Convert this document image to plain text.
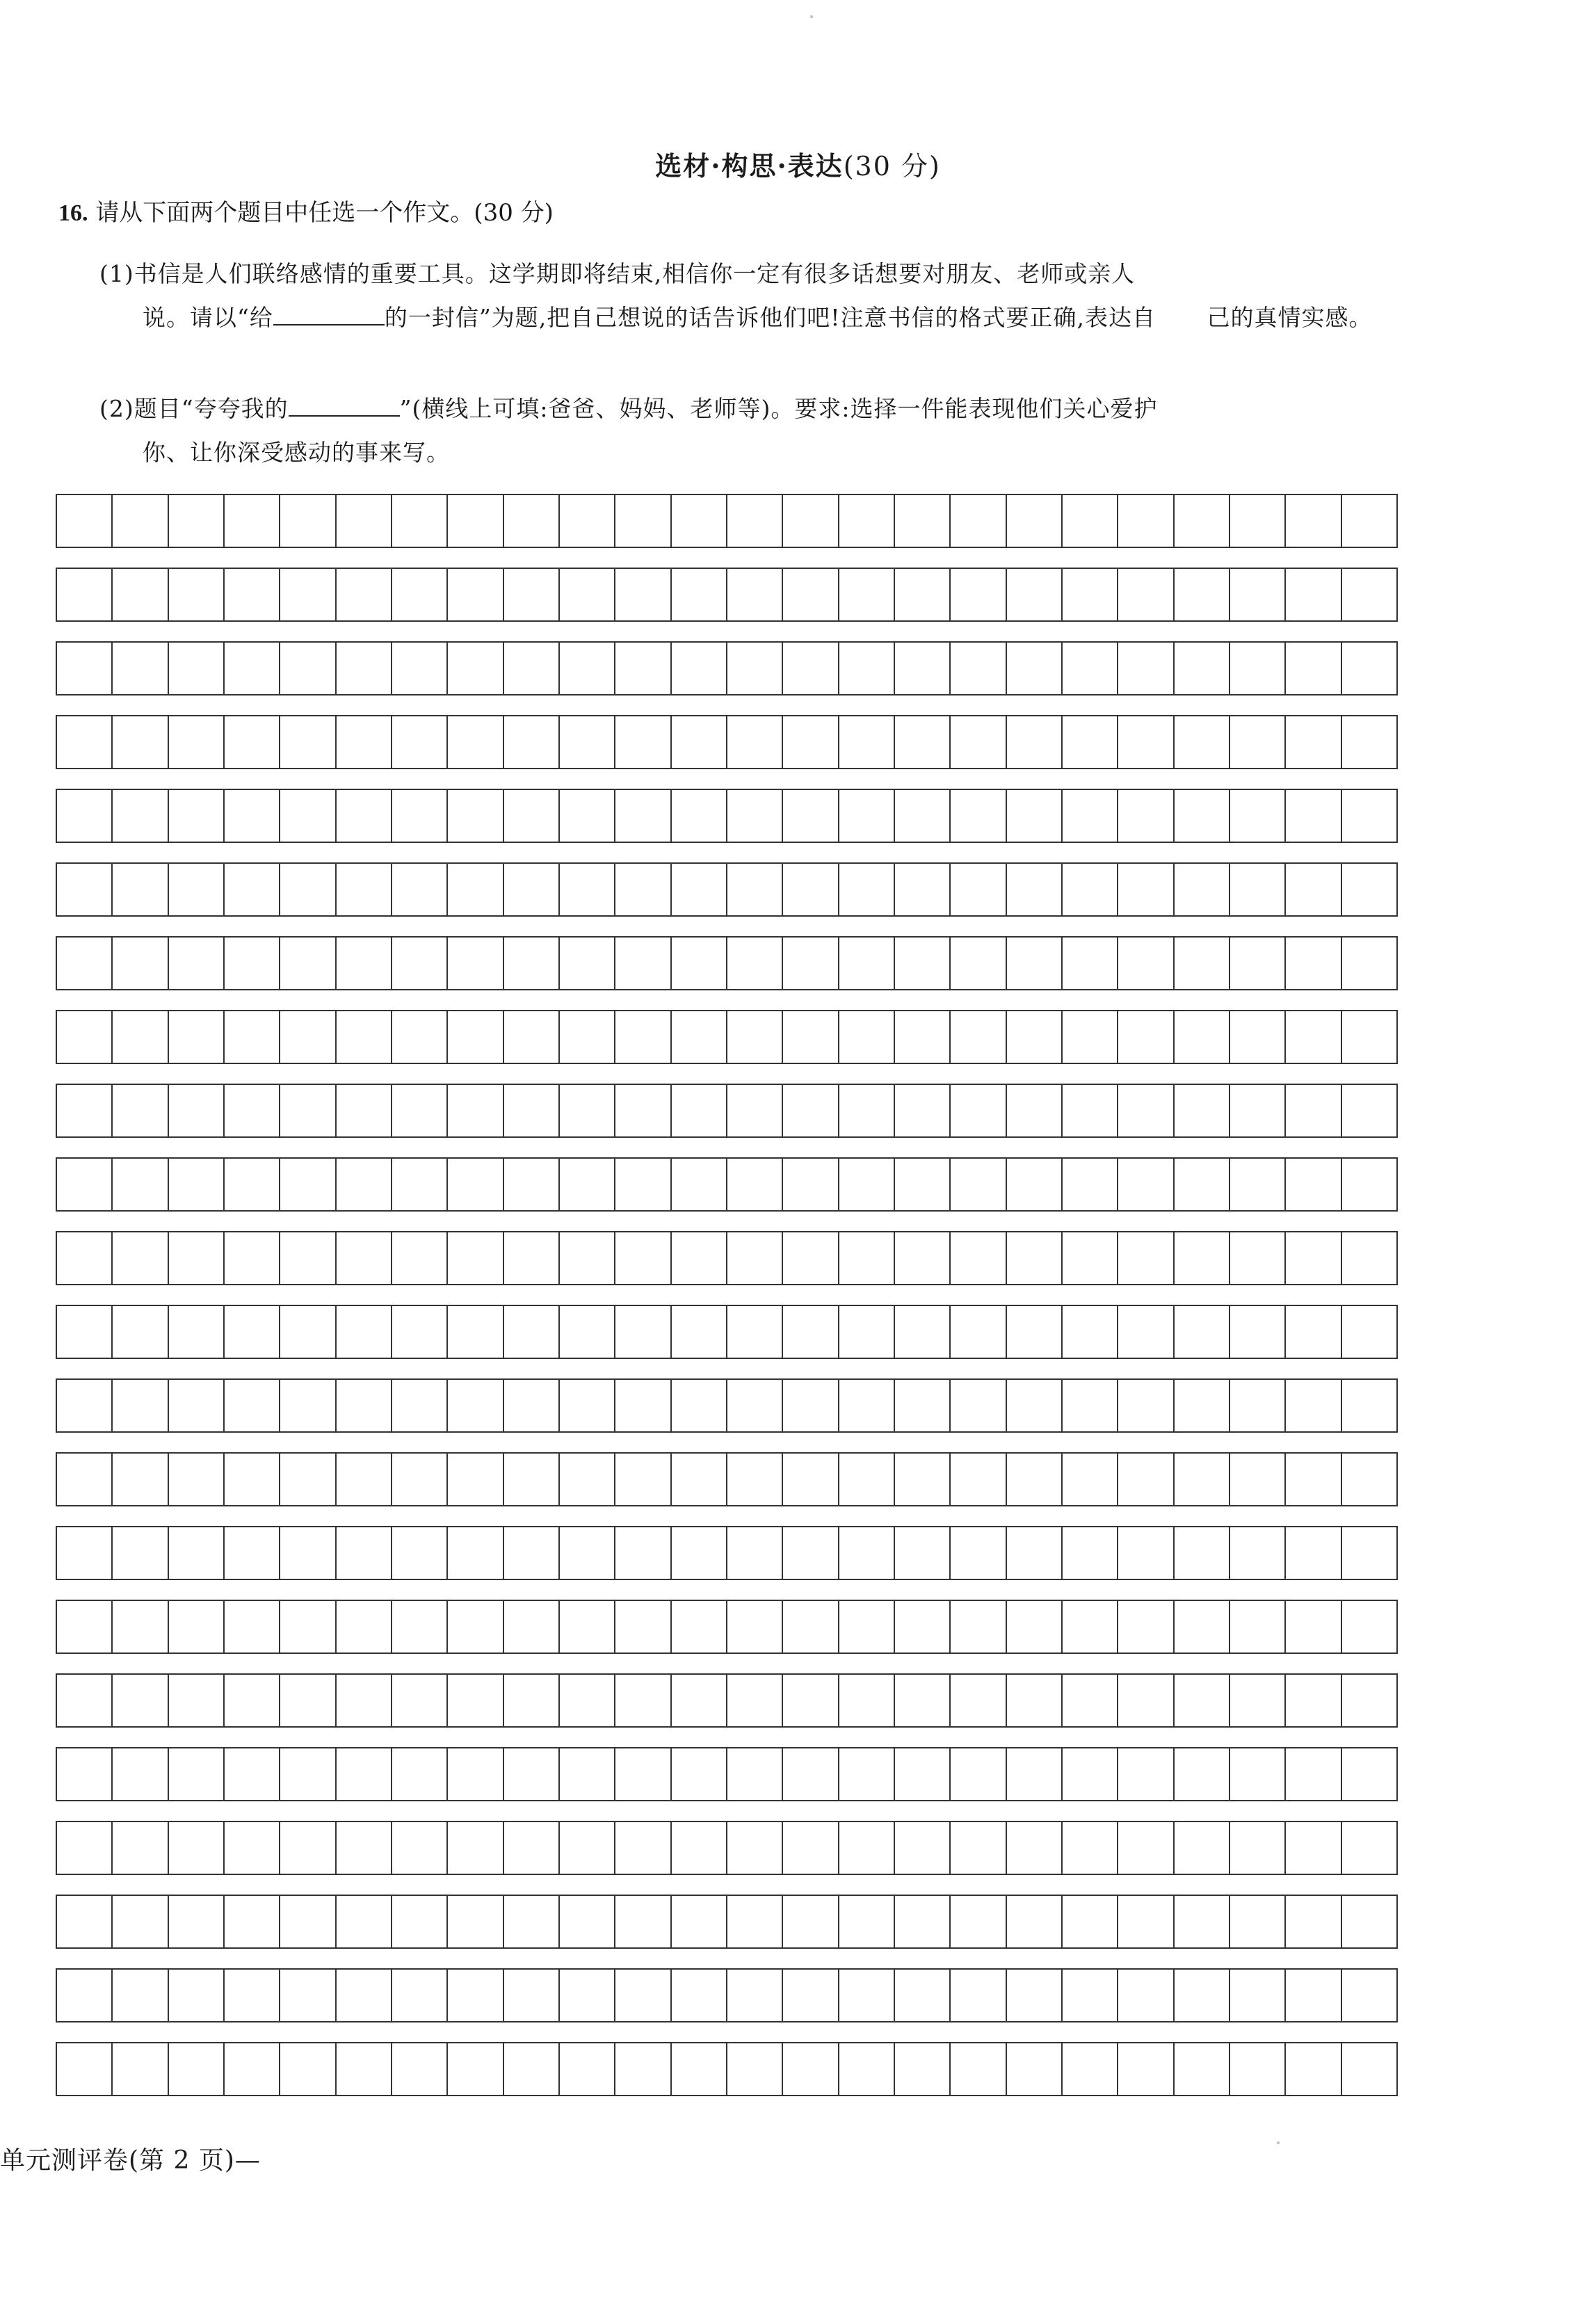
选材·构思·表达(30 分)
16. 请从下面两个题目中任选一个作文。(30 分)
(1)书信是人们联络感情的重要工具。这学期即将结束,相信你一定有很多话想要对朋友、老师或亲人
说。请以“给	的一封信”为题,把自己想说的话告诉他们吧!注意书信的格式要正确,表达自 己的真情实感。
(2)题目“夸夸我的	”(横线上可填:爸爸、妈妈、老师等)。要求:选择一件能表现他们关心爱护
你、让你深受感动的事来写。
单元测评卷(第 2 页)—
